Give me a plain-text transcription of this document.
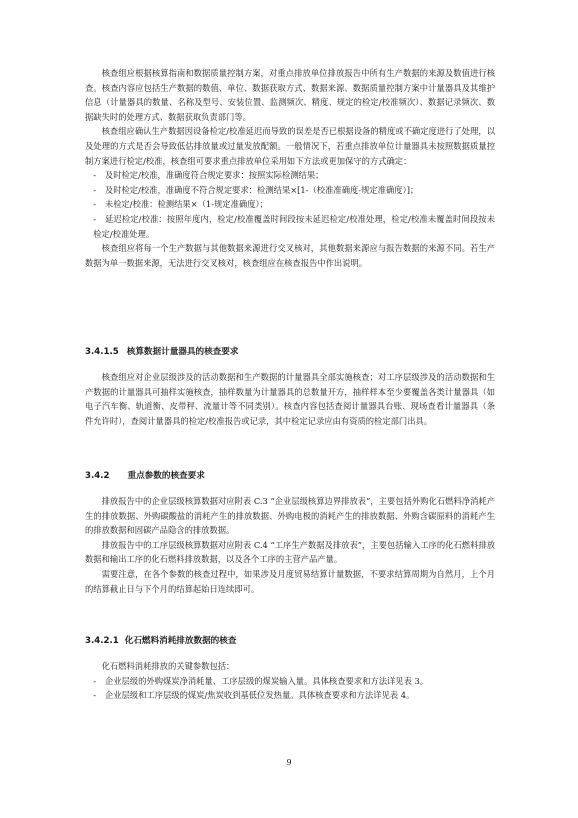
核查组应根据核算指南和数据质量控制方案，对重点排放单位排放报告中所有生产数据的来源及数值进行核查。核查内容应包括生产数据的数值、单位、数据获取方式、数据来源、数据质量控制方案中计量器具及其维护信息（计量器具的数量、名称及型号、安装位置、监测频次、精度、规定的检定/校准频次）、数据记录频次、数据缺失时的处理方式、数据获取负责部门等。

核查组应确认生产数据因设备检定/校准延迟而导致的误差是否已根据设备的精度或不确定度进行了处理，以及处理的方式是否会导致低估排放量或过量发放配额。一般情况下，若重点排放单位计量器具未按照数据质量控制方案进行检定/校准，核查组可要求重点排放单位采用如下方法或更加保守的方式确定：

- 及时检定/校准，准确度符合规定要求：按照实际检测结果；

- 及时检定/校准，准确度不符合规定要求：检测结果×[1-（校准准确度-规定准确度）]；

- 未检定/校准：检测结果×（1-规定准确度）；

- 延迟检定/校准：按照年度内，检定/校准覆盖时间段按未延迟检定/校准处理，检定/校准未覆盖时间段按未检定/校准处理。

核查组应将每一个生产数据与其他数据来源进行交叉核对，其他数据来源应与报告数据的来源不同。若生产数据为单一数据来源，无法进行交叉核对，核查组应在核查报告中作出说明。

3.4.1.5 核算数据计量器具的核查要求

核查组应对企业层级涉及的活动数据和生产数据的计量器具全部实施核查；对工序层级涉及的活动数据和生产数据的计量器具可抽样实施核查，抽样数量为计量器具的总数量开方，抽样样本至少要覆盖各类计量器具（如电子汽车衡、轨道衡、皮带秤、流量计等不同类别）。核查内容包括查阅计量器具台账、现场查看计量器具（条件允许时），查阅计量器具的检定/校准报告或记录，其中检定记录应由有资质的检定部门出具。

3.4.2 重点参数的核查要求

排放报告中的企业层级核算数据对应附表 C.3 “企业层级核算边界排放表”，主要包括外购化石燃料净消耗产生的排放数据、外购碳酸盐的消耗产生的排放数据、外购电极的消耗产生的排放数据、外购含碳原料的消耗产生的排放数据和固碳产品隐含的排放数据。

排放报告中的工序层级核算数据对应附表 C.4 “工序生产数据及排放表”，主要包括输入工序的化石燃料排放数据和输出工序的化石燃料排放数据，以及各个工序的主营产品产量。

需要注意，在各个参数的核查过程中，如果涉及月度贸易结算计量数据，不要求结算周期为自然月，上个月的结算截止日与下个月的结算起始日连续即可。

3.4.2.1 化石燃料消耗排放数据的核查

化石燃料消耗排放的关键参数包括：

- 企业层级的外购煤炭净消耗量、工序层级的煤炭输入量。具体核查要求和方法详见表 3。

- 企业层级和工序层级的煤炭/焦炭收到基低位发热量。具体核查要求和方法详见表 4。

9
